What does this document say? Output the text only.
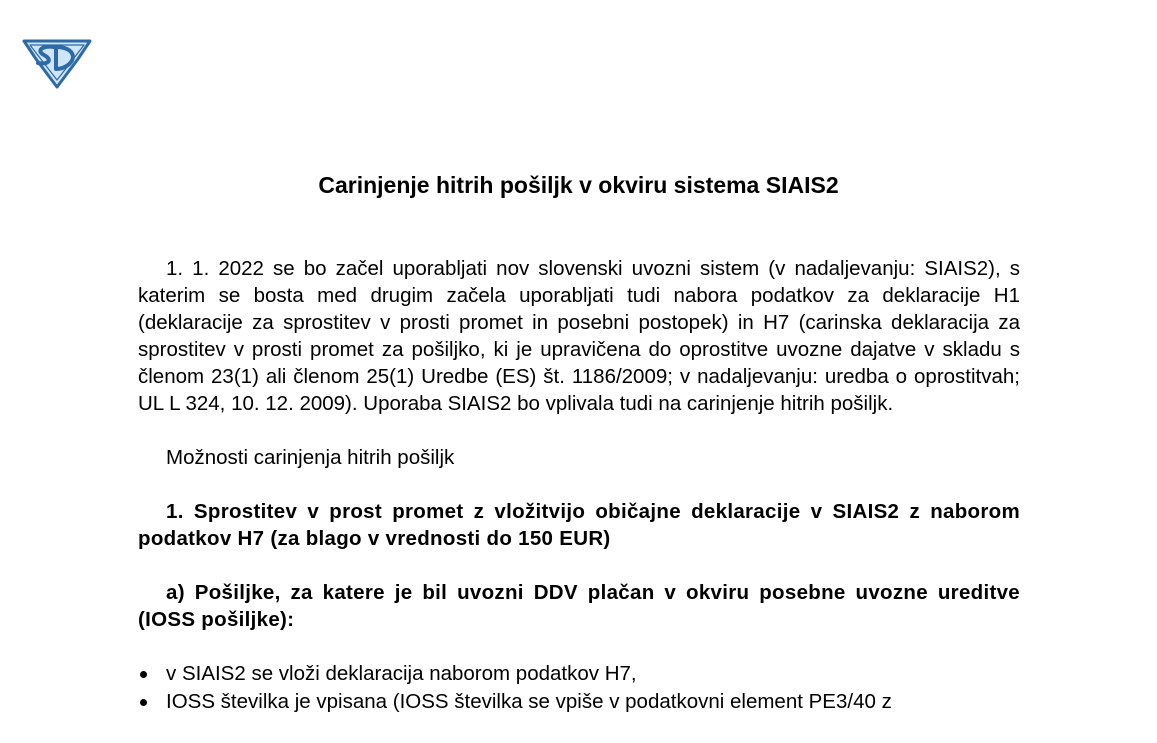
Carinjenje hitrih pošiljk v okviru sistema SIAIS2

1. 1. 2022 se bo začel uporabljati nov slovenski uvozni sistem (v nadaljevanju: SIAIS2), s katerim se bosta med drugim začela uporabljati tudi nabora podatkov za deklaracije H1 (deklaracije za sprostitev v prosti promet in posebni postopek) in H7 (carinska deklaracija za sprostitev v prosti promet za pošiljko, ki je upravičena do oprostitve uvozne dajatve v skladu s členom 23(1) ali členom 25(1) Uredbe (ES) št. 1186/2009; v nadaljevanju: uredba o oprostitvah; UL L 324, 10. 12. 2009). Uporaba SIAIS2 bo vplivala tudi na carinjenje hitrih pošiljk.

Možnosti carinjenja hitrih pošiljk

1. Sprostitev v prost promet z vložitvijo običajne deklaracije v SIAIS2 z naborom podatkov H7 (za blago v vrednosti do 150 EUR)

a) Pošiljke, za katere je bil uvozni DDV plačan v okviru posebne uvozne ureditve (IOSS pošiljke):

v SIAIS2 se vloži deklaracija naborom podatkov H7,
IOSS številka je vpisana (IOSS številka se vpiše v podatkovni element PE3/40 z
